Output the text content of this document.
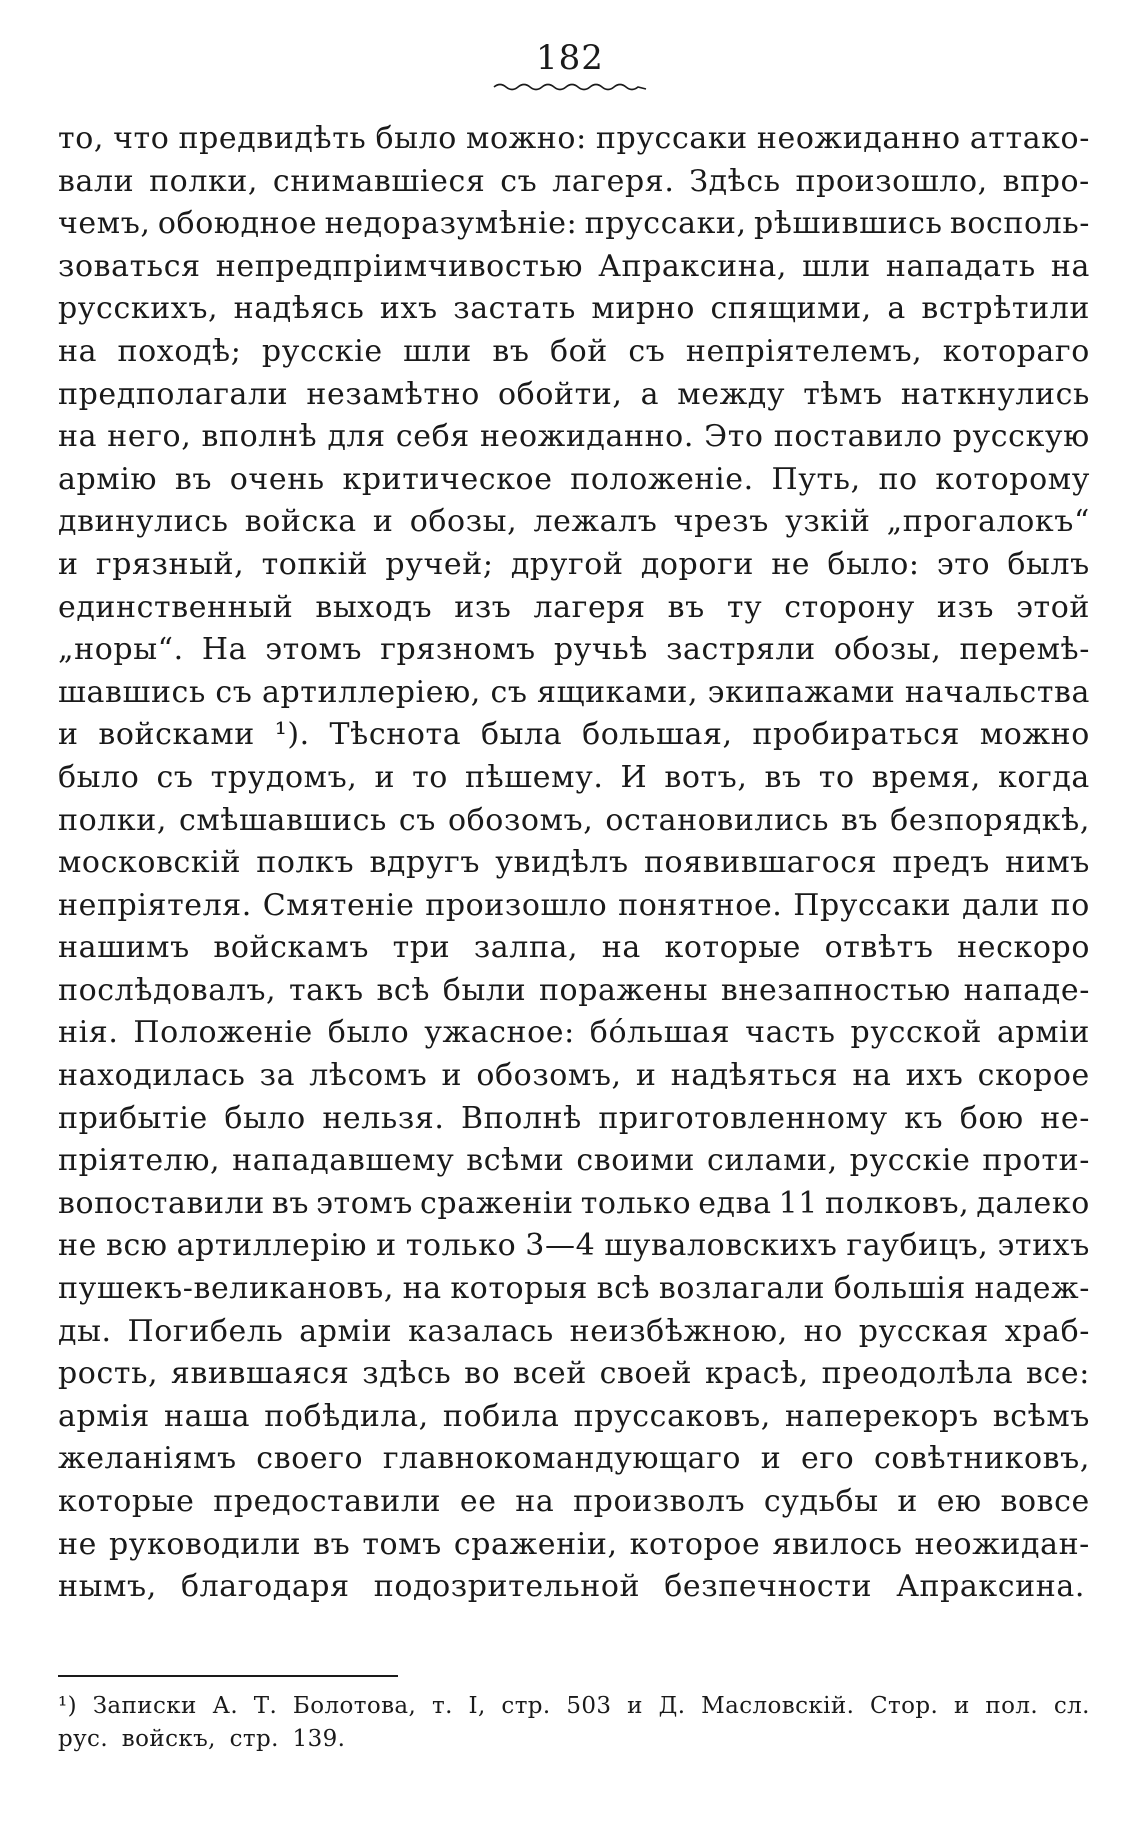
182
то, что предвидѣть было можно: пруссаки неожиданно аттако-
вали полки, снимавшіеся съ лагеря. Здѣсь произошло, впро-
чемъ, обоюдное недоразумѣніе: пруссаки, рѣшившись восполь-
зоваться непредпріимчивостью Апраксина, шли нападать на
русскихъ, надѣясь ихъ застать мирно спящими, а встрѣтили
на походѣ; русскіе шли въ бой съ непріятелемъ, котораго
предполагали незамѣтно обойти, а между тѣмъ наткнулись
на него, вполнѣ для себя неожиданно. Это поставило русскую
армію въ очень критическое положеніе. Путь, по которому
двинулись войска и обозы, лежалъ чрезъ узкій „прогалокъ“
и грязный, топкій ручей; другой дороги не было: это былъ
единственный выходъ изъ лагеря въ ту сторону изъ этой
„норы“. На этомъ грязномъ ручьѣ застряли обозы, перемѣ-
шавшись съ артиллеріею, съ ящиками, экипажами начальства
и войсками ¹). Тѣснота была большая, пробираться можно
было съ трудомъ, и то пѣшему. И вотъ, въ то время, когда
полки, смѣшавшись съ обозомъ, остановились въ безпорядкѣ,
московскій полкъ вдругъ увидѣлъ появившагося предъ нимъ
непріятеля. Смятеніе произошло понятное. Пруссаки дали по
нашимъ войскамъ три залпа, на которые отвѣтъ нескоро
послѣдовалъ, такъ всѣ были поражены внезапностью нападе-
нія. Положеніе было ужасное: бо́льшая часть русской арміи
находилась за лѣсомъ и обозомъ, и надѣяться на ихъ скорое
прибытіе было нельзя. Вполнѣ приготовленному къ бою не-
пріятелю, нападавшему всѣми своими силами, русскіе проти-
вопоставили въ этомъ сраженіи только едва 11 полковъ, далеко
не всю артиллерію и только 3—4 шуваловскихъ гаубицъ, этихъ
пушекъ-великановъ, на которыя всѣ возлагали большія надеж-
ды. Погибель арміи казалась неизбѣжною, но русская храб-
рость, явившаяся здѣсь во всей своей красѣ, преодолѣла все:
армія наша побѣдила, побила пруссаковъ, наперекоръ всѣмъ
желаніямъ своего главнокомандующаго и его совѣтниковъ,
которые предоставили ее на произволъ судьбы и ею вовсе
не руководили въ томъ сраженіи, которое явилось неожидан-
нымъ, благодаря подозрительной безпечности Апраксина.
¹) Записки А. Т. Болотова, т. I, стр. 503 и Д. Масловскій. Стор. и пол. сл.
рус. войскъ, стр. 139.
